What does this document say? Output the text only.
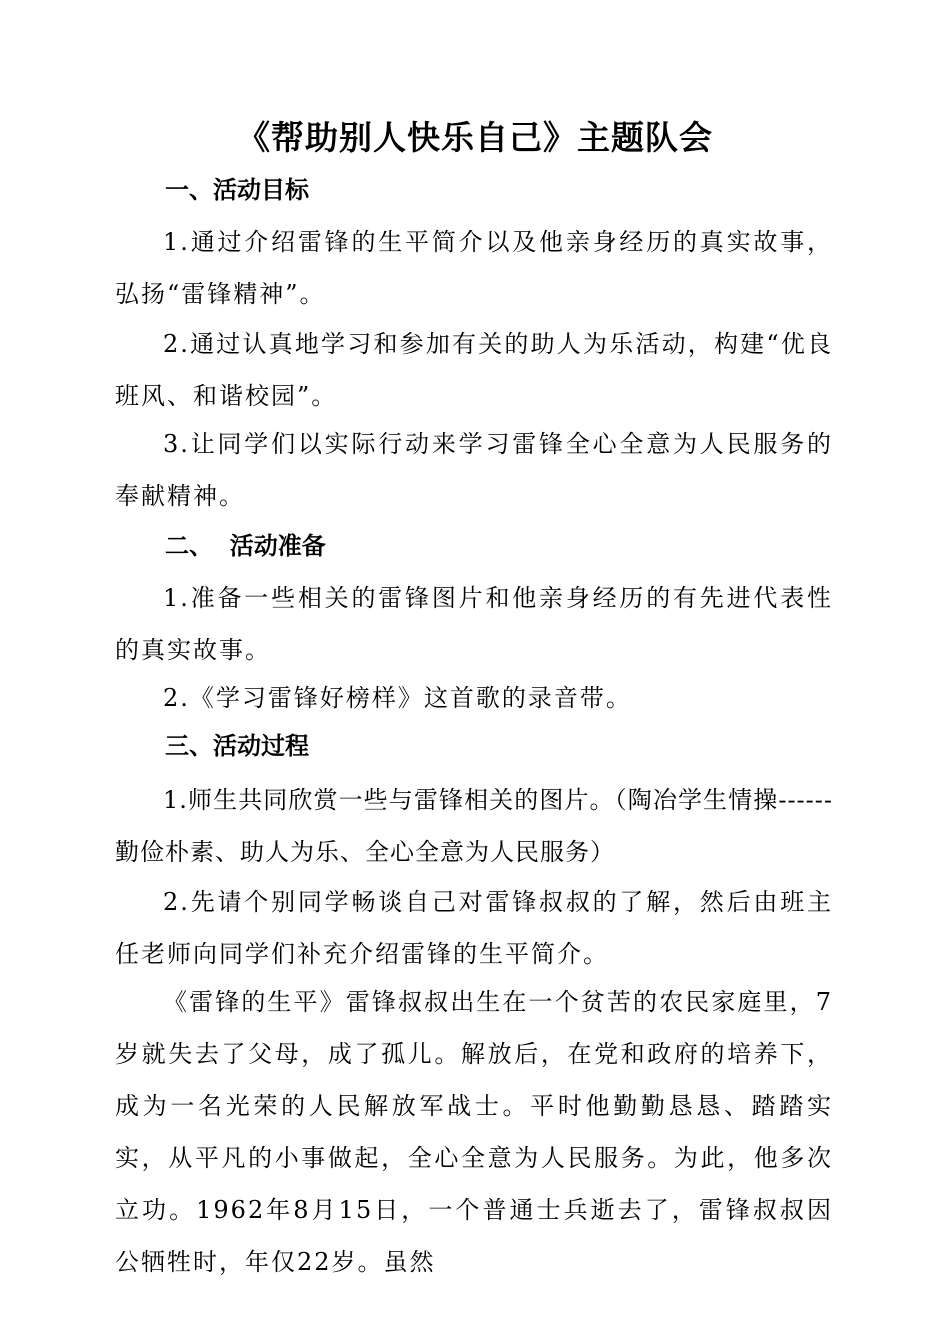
《帮助别人快乐自己》主题队会
一、活动目标
1.通过介绍雷锋的生平简介以及他亲身经历的真实故事，弘扬“雷锋精神”。
2.通过认真地学习和参加有关的助人为乐活动，构建“优良班风、和谐校园”。
3.让同学们以实际行动来学习雷锋全心全意为人民服务的奉献精神。
二、  活动准备
1.准备一些相关的雷锋图片和他亲身经历的有先进代表性的真实故事。
2.《学习雷锋好榜样》这首歌的录音带。
三、活动过程
1.师生共同欣赏一些与雷锋相关的图片。（陶冶学生情操------勤俭朴素、助人为乐、全心全意为人民服务）
2.先请个别同学畅谈自己对雷锋叔叔的了解，然后由班主任老师向同学们补充介绍雷锋的生平简介。
《雷锋的生平》雷锋叔叔出生在一个贫苦的农民家庭里，7岁就失去了父母，成了孤儿。解放后，在党和政府的培养下，成为一名光荣的人民解放军战士。平时他勤勤恳恳、踏踏实实，从平凡的小事做起，全心全意为人民服务。为此，他多次立功。1962年8月15日，一个普通士兵逝去了，雷锋叔叔因公牺牲时，年仅22岁。虽然
